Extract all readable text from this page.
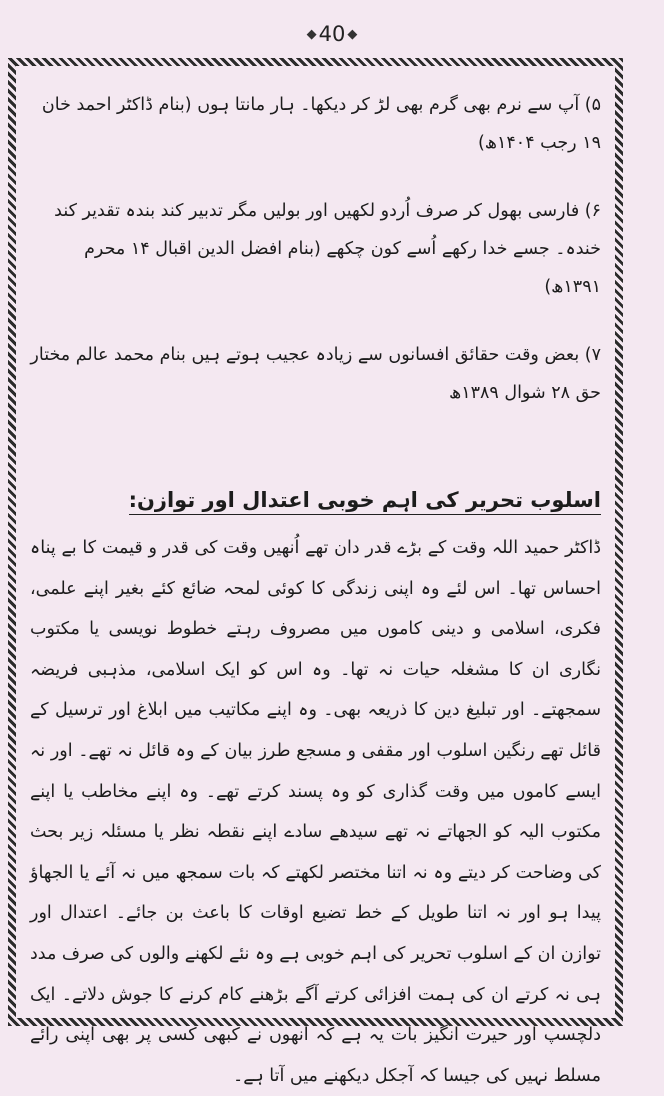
◆40 ◆

۵) آپ سے نرم بھی گرم بھی لڑ کر دیکھا۔ ہار مانتا ہوں (بنام ڈاکٹر احمد خان ۱۹ رجب ۱۴۰۴ھ)

۶) فارسی بھول کر صرف اُردو لکھیں اور بولیں مگر تدبیر کند بندہ تقدیر کند خندہ۔ جسے خدا رکھے اُسے کون چکھے (بنام افضل الدین اقبال ۱۴ محرم ۱۳۹۱ھ)

۷) بعض وقت حقائق افسانوں سے زیادہ عجیب ہوتے ہیں بنام محمد عالم مختار حق ۲۸ شوال ۱۳۸۹ھ

اسلوب تحریر کی اہم خوبی اعتدال اور توازن:

ڈاکٹر حمید اللہ وقت کے بڑے قدر دان تھے اُنھیں وقت کی قدر و قیمت کا بے پناہ احساس تھا۔ اس لئے وہ اپنی زندگی کا کوئی لمحہ ضائع کئے بغیر اپنے علمی، فکری، اسلامی و دینی کاموں میں مصروف رہتے خطوط نویسی یا مکتوب نگاری ان کا مشغلہ حیات نہ تھا۔ وہ اس کو ایک اسلامی، مذہبی فریضہ سمجھتے۔ اور تبلیغ دین کا ذریعہ بھی۔ وہ اپنے مکاتیب میں ابلاغ اور ترسیل کے قائل تھے رنگین اسلوب اور مقفی و مسجع طرز بیان کے وہ قائل نہ تھے۔ اور نہ ایسے کاموں میں وقت گذاری کو وہ پسند کرتے تھے۔ وہ اپنے مخاطب یا اپنے مکتوب الیہ کو الجھاتے نہ تھے سیدھے سادے اپنے نقطہ نظر یا مسئلہ زیر بحث کی وضاحت کر دیتے وہ نہ اتنا مختصر لکھتے کہ بات سمجھ میں نہ آئے یا الجھاؤ پیدا ہو اور نہ اتنا طویل کے خط تضیع اوقات کا باعث بن جائے۔ اعتدال اور توازن ان کے اسلوب تحریر کی اہم خوبی ہے وہ نئے لکھنے والوں کی صرف مدد ہی نہ کرتے ان کی ہمت افزائی کرتے آگے بڑھنے کام کرنے کا جوش دلاتے۔ ایک دلچسپ اور حیرت انگیز بات یہ ہے کہ انھوں نے کبھی کسی پر بھی اپنی رائے مسلط نہیں کی جیسا کہ آجکل دیکھنے میں آتا ہے۔
